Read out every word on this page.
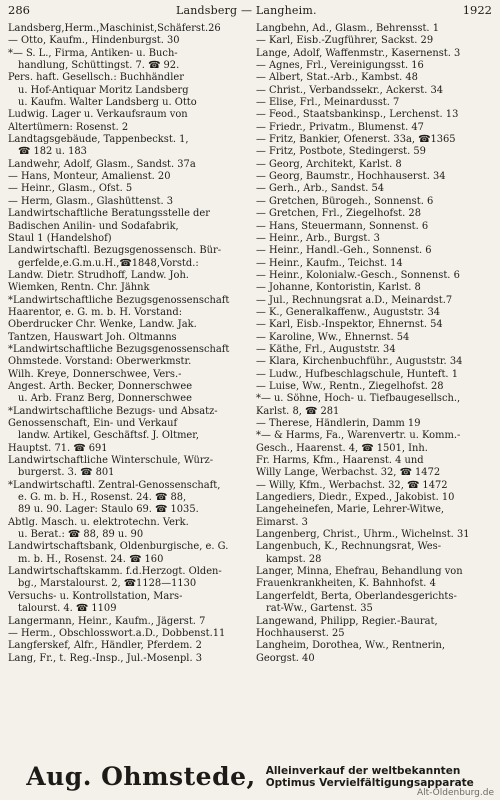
286	Landsberg — Langheim.	1922
Landsberg,Herm.,Maschinist,Schäferst.26
— Otto, Kaufm., Hindenburgst. 30
*— S. L., Firma, Antiken- u. Buch-
handlung, Schüttingst. 7. ☎ 92.
Pers. haft. Gesellsch.: Buchhändler
u. Hof-Antiquar Moritz Landsberg
u. Kaufm. Walter Landsberg u. Otto
Ludwig. Lager u. Verkaufsraum von
Altertümern: Rosenst. 2
Landtagsgebäude, Tappenbeckst. 1,
☎ 182 u. 183
Landwehr, Adolf, Glasm., Sandst. 37a
— Hans, Monteur, Amalienst. 20
— Heinr., Glasm., Ofst. 5
— Herm, Glasm., Glashüttenst. 3
Landwirtschaftliche Beratungsstelle der
Badischen Anilin- und Sodafabrik,
Staul 1 (Handelshof)
Landwirtschaftl. Bezugsgenossensch. Bür-
gerfelde,e.G.m.u.H.,☎1848,Vorstd.:
Landw. Dietr. Strudhoff, Landw. Joh.
Wiemken, Rentn. Chr. Jähnk
*Landwirtschaftliche Bezugsgenossenschaft
Haarentor, e. G. m. b. H. Vorstand:
Oberdrucker Chr. Wenke, Landw. Jak.
Tantzen, Hauswart Joh. Oltmanns
*Landwirtschaftliche Bezugsgenossenschaft
Ohmstede. Vorstand: Oberwerkmstr.
Wilh. Kreye, Donnerschwee, Vers.-
Angest. Arth. Becker, Donnerschwee
u. Arb. Franz Berg, Donnerschwee
*Landwirtschaftliche Bezugs- und Absatz-
Genossenschaft, Ein- und Verkauf
landw. Artikel, Geschäftsf. J. Oltmer,
Hauptst. 71. ☎ 691
Landwirtschaftliche Winterschule, Würz-
burgerst. 3. ☎ 801
*Landwirtschaftl. Zentral-Genossenschaft,
e. G. m. b. H., Rosenst. 24. ☎ 88,
89 u. 90. Lager: Staulo 69. ☎ 1035.
Abtlg. Masch. u. elektrotechn. Verk.
u. Berat.: ☎ 88, 89 u. 90
Landwirtschaftsbank, Oldenburgische, e. G.
m. b. H., Rosenst. 24. ☎ 160
Landwirtschaftskamm. f.d.Herzogt. Olden-
bg., Marstalourst. 2, ☎1128—1130
Versuchs- u. Kontrollstation, Mars-
talourst. 4. ☎ 1109
Langermann, Heinr., Kaufm., Jägerst. 7
— Herm., Obschlosswort.a.D., Dobbenst.11
Langferskef, Alfr., Händler, Pferdem. 2
Lang, Fr., t. Reg.-Insp., Jul.-Mosenpl. 3
Langbehn, Ad., Glasm., Behrensst. 1
— Karl, Eisb.-Zugführer, Sackst. 29
Lange, Adolf, Waffenmstr., Kasernenst. 3
— Agnes, Frl., Vereinigungsst. 16
— Albert, Stat.-Arb., Kambst. 48
— Christ., Verbandssekr., Ackerst. 34
— Elise, Frl., Meinardusst. 7
— Feod., Staatsbankinsp., Lerchenst. 13
— Friedr., Privatm., Blumenst. 47
— Fritz, Bankier, Ofenerst. 33a, ☎1365
— Fritz, Postbote, Stedingerst. 59
— Georg, Architekt, Karlst. 8
— Georg, Baumstr., Hochhauserst. 34
— Gerh., Arb., Sandst. 54
— Gretchen, Bürogeh., Sonnenst. 6
— Gretchen, Frl., Ziegelhofst. 28
— Hans, Steuermann, Sonnenst. 6
— Heinr., Arb., Burgst. 3
— Heinr., Handl.-Geh., Sonnenst. 6
— Heinr., Kaufm., Teichst. 14
— Heinr., Kolonialw.-Gesch., Sonnenst. 6
— Johanne, Kontoristin, Karlst. 8
— Jul., Rechnungsrat a.D., Meinardst.7
— K., Generalkaffenw., Auguststr. 34
— Karl, Eisb.-Inspektor, Ehnernst. 54
— Karoline, Ww., Ehnernst. 54
— Käthe, Frl., Auguststr. 34
— Klara, Kirchenbuchführ., Auguststr. 34
— Ludw., Hufbeschlagschule, Hunteft. 1
— Luise, Ww., Rentn., Ziegelhofst. 28
*— u. Söhne, Hoch- u. Tiefbaugesellsch.,
Karlst. 8, ☎ 281
— Therese, Händlerin, Damm 19
*— & Harms, Fa., Warenvertr. u. Komm.-
Gesch., Haarenst. 4, ☎ 1501, Inh.
Fr. Harms, Kfm., Haarenst. 4 und
Willy Lange, Werbachst. 32, ☎ 1472
— Willy, Kfm., Werbachst. 32, ☎ 1472
Langediers, Diedr., Exped., Jakobist. 10
Langeheinefen, Marie, Lehrer-Witwe,
Eimarst. 3
Langenberg, Christ., Uhrm., Wichelnst. 31
Langenbuch, K., Rechnungsrat, Wes-
kampst. 28
Langer, Minna, Ehefrau, Behandlung von
Frauenkrankheiten, K. Bahnhofst. 4
Langerfeldt, Berta, Oberlandesgerichts-
rat-Ww., Gartenst. 35
Langewand, Philipp, Regier.-Baurat,
Hochhauserst. 25
Langheim, Dorothea, Ww., Rentnerin,
Georgst. 40
Aug. Ohmstede, Alleinverkauf der weltbekannten
Optimus Vervielfältigungsapparate
Alt-Oldenburg.de
